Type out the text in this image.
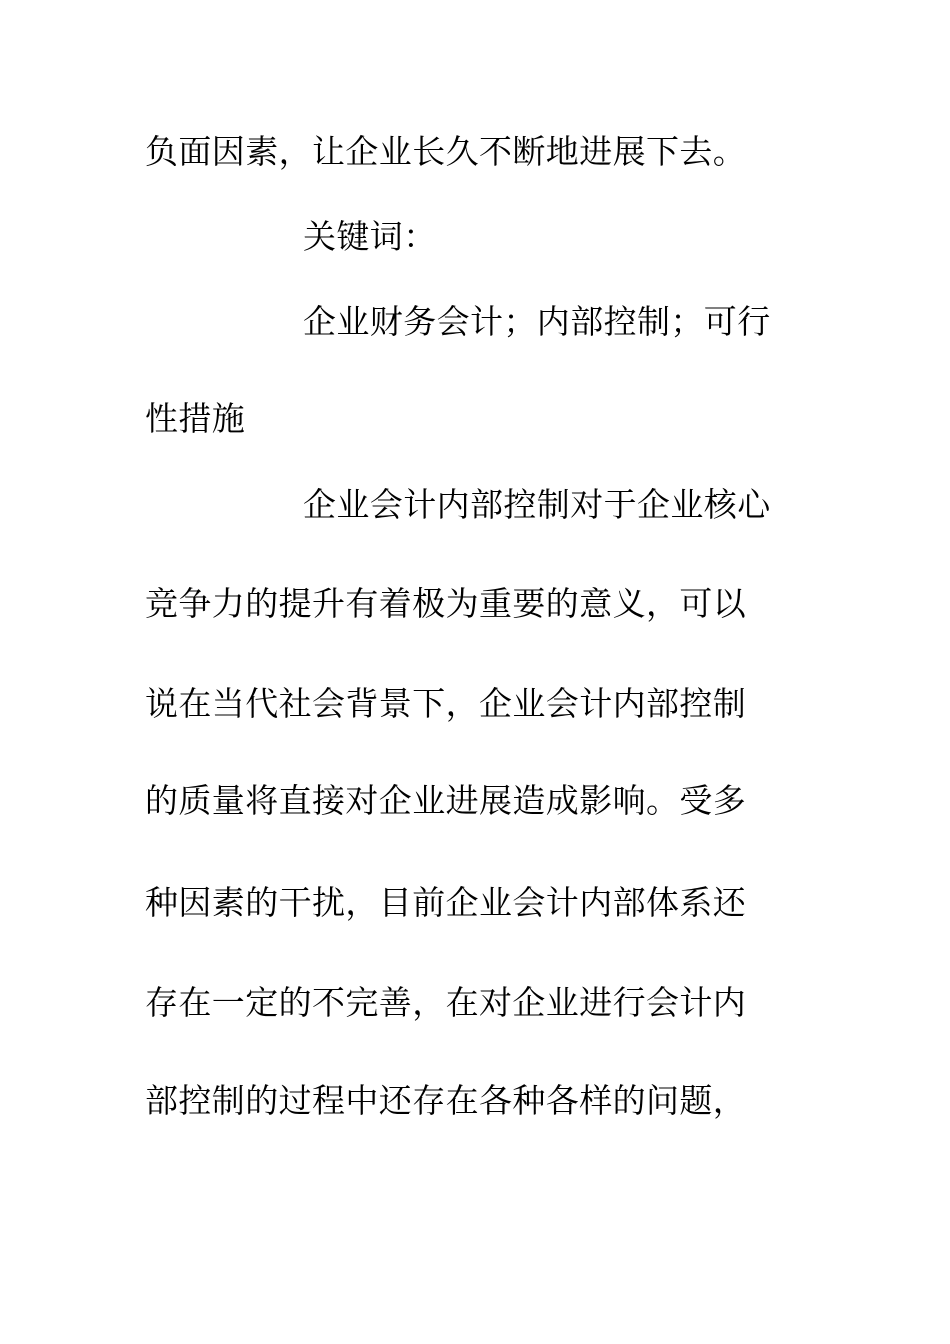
负面因素，让企业长久不断地进展下去。
关键词：
企业财务会计；内部控制；可行
性措施
企业会计内部控制对于企业核心
竞争力的提升有着极为重要的意义，可以
说在当代社会背景下，企业会计内部控制
的质量将直接对企业进展造成影响。受多
种因素的干扰，目前企业会计内部体系还
存在一定的不完善，在对企业进行会计内
部控制的过程中还存在各种各样的问题，
